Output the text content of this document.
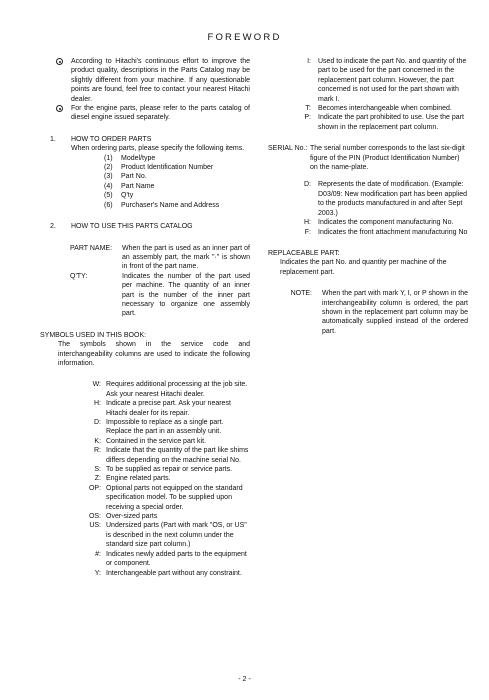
FOREWORD
According to Hitachi's continuous effort to improve the product quality, descriptions in the Parts Catalog may be slightly different from your machine. If any questionable points are found, feel free to contact your nearest Hitachi dealer.
For the engine parts, please refer to the parts catalog of diesel engine issued separately.
1. HOW TO ORDER PARTS
When ordering parts, please specify the following items.
(1) Model/type
(2) Product Identification Number
(3) Part No.
(4) Part Name
(5) Q'ty
(6) Purchaser's Name and Address
2. HOW TO USE THIS PARTS CATALOG
PART NAME:	When the part is used as an inner part of an assembly part, the mark "·" is shown in front of the part name.
Q'TY:	Indicates the number of the part used per machine. The quantity of an inner part is the number of the inner part necessary to organize one assembly part.
SYMBOLS USED IN THIS BOOK:
The symbols shown in the service code and interchangeability columns are used to indicate the following information.
W: Requires additional processing at the job site. Ask your nearest Hitachi dealer.
H: Indicate a precise part. Ask your nearest Hitachi dealer for its repair.
D: Impossible to replace as a single part. Replace the part in an assembly unit.
K: Contained in the service part kit.
R: Indicate that the quantity of the part like shims differs depending on the machine serial No.
S: To be supplied as repair or service parts.
Z: Engine related parts.
OP: Optional parts not equipped on the standard specification model. To be supplied upon receiving a special order.
OS: Over-sized parts
US: Undersized parts (Part with mark "OS, or US" is described in the next column under the standard size part column.)
#: Indicates newly added parts to the equipment or component.
Y: Interchangeable part without any constraint.
I:	Used to indicate the part No. and quantity of the part to be used for the part concerned in the replacement part column. However, the part concerned is not used for the part shown with mark I.
T:	Becomes interchangeable when combined.
P:	Indicate the part prohibited to use. Use the part shown in the replacement part column.
SERIAL No.: The serial number corresponds to the last six-digit figure of the PIN (Product Identification Number) on the name-plate.
D:	Represents the date of modification. (Example: D03/09: New modification part has been applied to the products manufactured in and after Sept 2003.)
H:	Indicates the component manufacturing No.
F:	Indicates the front attachment manufacturing No
REPLACEABLE PART:
Indicates the part No. and quantity per machine of the replacement part.
NOTE:	When the part with mark Y, I, or P shown in the interchangeability column is ordered, the part shown in the replacement part column may be automatically supplied instead of the ordered part.
- 2 -
